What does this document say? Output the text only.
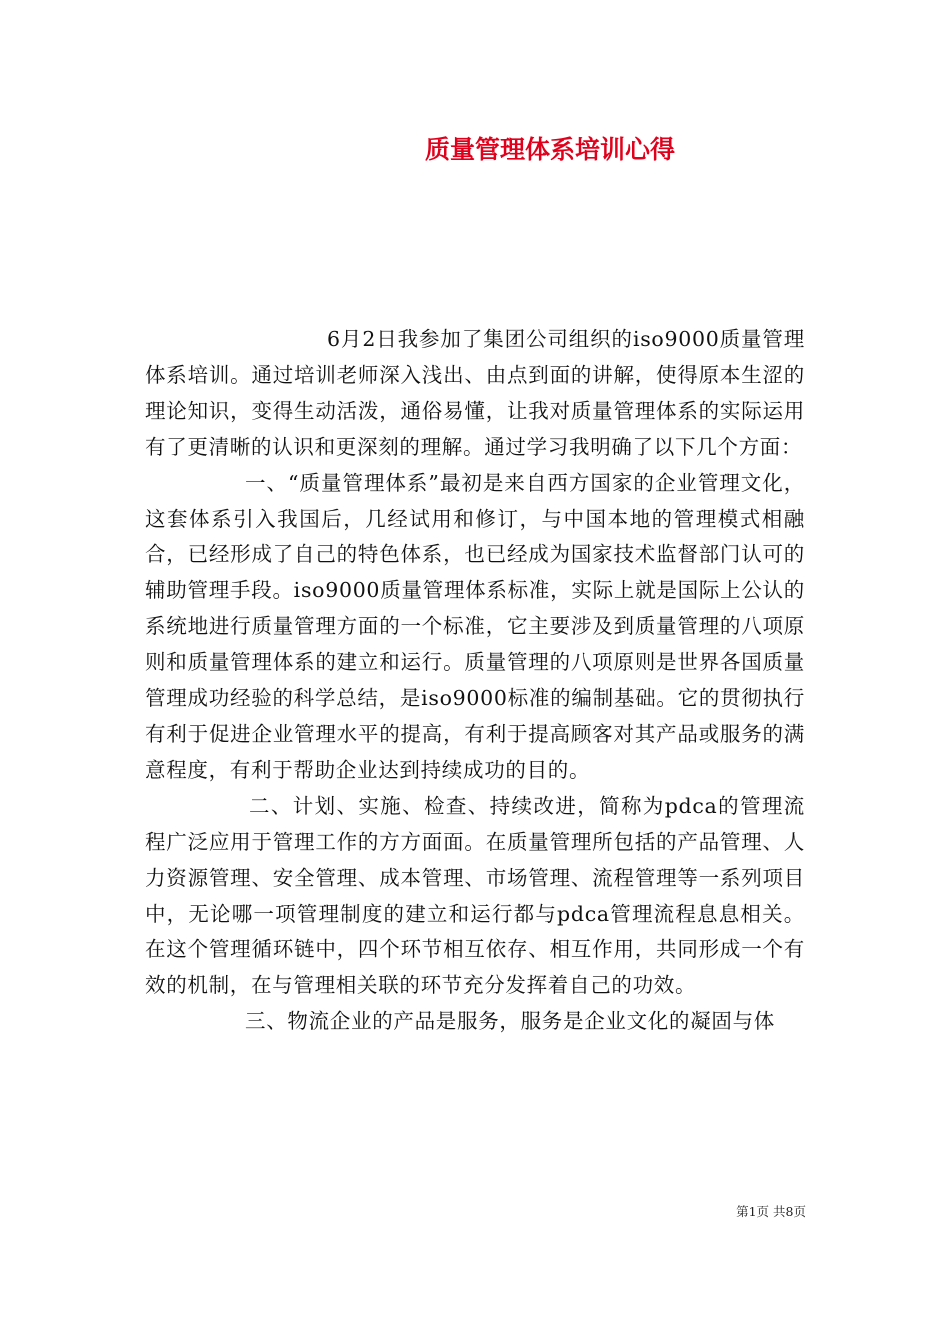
质量管理体系培训心得

6月2日我参加了集团公司组织的iso9000质量管理体系培训。通过培训老师深入浅出、由点到面的讲解，使得原本生涩的理论知识，变得生动活泼，通俗易懂，让我对质量管理体系的实际运用有了更清晰的认识和更深刻的理解。通过学习我明确了以下几个方面：

一、“质量管理体系”最初是来自西方国家的企业管理文化，这套体系引入我国后，几经试用和修订，与中国本地的管理模式相融合，已经形成了自己的特色体系，也已经成为国家技术监督部门认可的辅助管理手段。iso9000质量管理体系标准，实际上就是国际上公认的系统地进行质量管理方面的一个标准，它主要涉及到质量管理的八项原则和质量管理体系的建立和运行。质量管理的八项原则是世界各国质量管理成功经验的科学总结，是iso9000标准的编制基础。它的贯彻执行有利于促进企业管理水平的提高，有利于提高顾客对其产品或服务的满意程度，有利于帮助企业达到持续成功的目的。

二、计划、实施、检查、持续改进，简称为pdca的管理流程广泛应用于管理工作的方方面面。在质量管理所包括的产品管理、人力资源管理、安全管理、成本管理、市场管理、流程管理等一系列项目中，无论哪一项管理制度的建立和运行都与pdca管理流程息息相关。在这个管理循环链中，四个环节相互依存、相互作用，共同形成一个有效的机制，在与管理相关联的环节充分发挥着自己的功效。

三、物流企业的产品是服务，服务是企业文化的凝固与体

第1页 共8页
